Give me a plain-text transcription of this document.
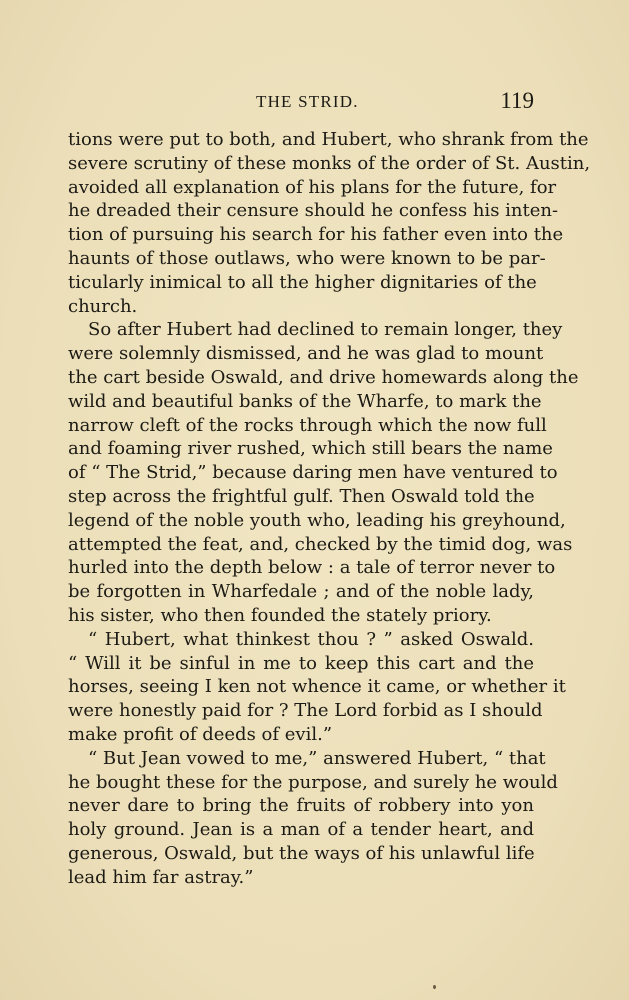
THE STRID.	119
tions were put to both, and Hubert, who shrank from the
severe scrutiny of these monks of the order of St. Austin,
avoided all explanation of his plans for the future, for
he dreaded their censure should he confess his inten-
tion of pursuing his search for his father even into the
haunts of those outlaws, who were known to be par-
ticularly inimical to all the higher dignitaries of the
church.
So after Hubert had declined to remain longer, they
were solemnly dismissed, and he was glad to mount
the cart beside Oswald, and drive homewards along the
wild and beautiful banks of the Wharfe, to mark the
narrow cleft of the rocks through which the now full
and foaming river rushed, which still bears the name
of “ The Strid,” because daring men have ventured to
step across the frightful gulf. Then Oswald told the
legend of the noble youth who, leading his greyhound,
attempted the feat, and, checked by the timid dog, was
hurled into the depth below : a tale of terror never to
be forgotten in Wharfedale ; and of the noble lady,
his sister, who then founded the stately priory.
“ Hubert, what thinkest thou ? ” asked Oswald.
“ Will it be sinful in me to keep this cart and the
horses, seeing I ken not whence it came, or whether it
were honestly paid for ? The Lord forbid as I should
make profit of deeds of evil.”
“ But Jean vowed to me,” answered Hubert, “ that
he bought these for the purpose, and surely he would
never dare to bring the fruits of robbery into yon
holy ground. Jean is a man of a tender heart, and
generous, Oswald, but the ways of his unlawful life
lead him far astray.”
